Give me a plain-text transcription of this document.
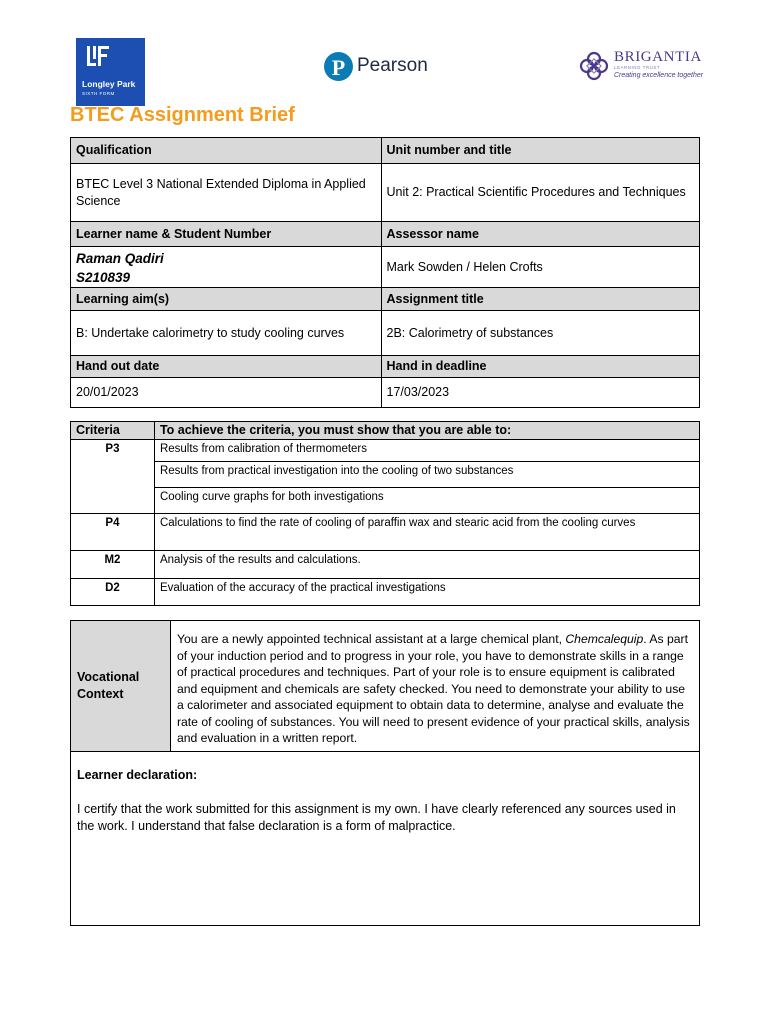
Longley Park
SIXTH FORM
P Pearson	BRIGANTIA
LEARNING TRUST
Creating excellence together
BTEC Assignment Brief
Qualification	Unit number and title
BTEC Level 3 National Extended Diploma in Applied Science	Unit 2: Practical Scientific Procedures and Techniques
Learner name & Student Number	Assessor name

Raman Qadiri
S210839	Mark Sowden / Helen Crofts
Learning aim(s)	Assignment title
B: Undertake calorimetry to study cooling curves	2B: Calorimetry of substances
Hand out date	Hand in deadline
20/01/2023	17/03/2023
Criteria	To achieve the criteria, you must show that you are able to:
P3	Results from calibration of thermometers
	Results from practical investigation into the cooling of two substances
	Cooling curve graphs for both investigations
P4	Calculations to find the rate of cooling of paraffin wax and stearic acid from the cooling curves
M2	Analysis of the results and calculations.
D2	Evaluation of the accuracy of the practical investigations
Vocational
Context
	You are a newly appointed technical assistant at a large chemical plant, Chemcalequip. As part of your induction period and to progress in your role, you have to demonstrate skills in a range of practical procedures and techniques. Part of your role is to ensure equipment is calibrated and equipment and chemicals are safety checked. You need to demonstrate your ability to use a calorimeter and associated equipment to obtain data to determine, analyse and evaluate the rate of cooling of substances. You will need to present evidence of your practical skills, analysis and evaluation in a written report.

Learner declaration:

I certify that the work submitted for this assignment is my own. I have clearly referenced any sources used in the work. I understand that false declaration is a form of malpractice.
